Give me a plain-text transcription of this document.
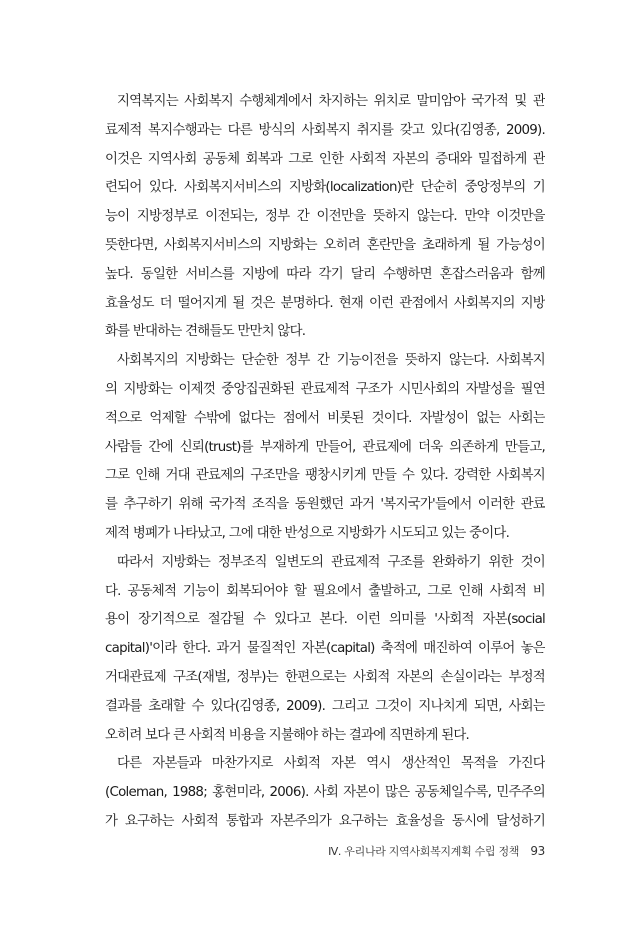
지역복지는 사회복지 수행체계에서 차지하는 위치로 말미암아 국가적 및 관
료제적 복지수행과는 다른 방식의 사회복지 취지를 갖고 있다(김영종, 2009).
이것은 지역사회 공동체 회복과 그로 인한 사회적 자본의 증대와 밀접하게 관
련되어 있다. 사회복지서비스의 지방화(localization)란 단순히 중앙정부의 기
능이 지방정부로 이전되는, 정부 간 이전만을 뜻하지 않는다. 만약 이것만을
뜻한다면, 사회복지서비스의 지방화는 오히려 혼란만을 초래하게 될 가능성이
높다. 동일한 서비스를 지방에 따라 각기 달리 수행하면 혼잡스러움과 함께
효율성도 더 떨어지게 될 것은 분명하다. 현재 이런 관점에서 사회복지의 지방
화를 반대하는 견해들도 만만치 않다.
사회복지의 지방화는 단순한 정부 간 기능이전을 뜻하지 않는다. 사회복지
의 지방화는 이제껏 중앙집권화된 관료제적 구조가 시민사회의 자발성을 필연
적으로 억제할 수밖에 없다는 점에서 비롯된 것이다. 자발성이 없는 사회는
사람들 간에 신뢰(trust)를 부재하게 만들어, 관료제에 더욱 의존하게 만들고,
그로 인해 거대 관료제의 구조만을 팽창시키게 만들 수 있다. 강력한 사회복지
를 추구하기 위해 국가적 조직을 동원했던 과거 '복지국가'들에서 이러한 관료
제적 병폐가 나타났고, 그에 대한 반성으로 지방화가 시도되고 있는 중이다.
따라서 지방화는 정부조직 일변도의 관료제적 구조를 완화하기 위한 것이
다. 공동체적 기능이 회복되어야 할 필요에서 출발하고, 그로 인해 사회적 비
용이 장기적으로 절감될 수 있다고 본다. 이런 의미를 '사회적 자본(social
capital)'이라 한다. 과거 물질적인 자본(capital) 축적에 매진하여 이루어 놓은
거대관료제 구조(재벌, 정부)는 한편으로는 사회적 자본의 손실이라는 부정적
결과를 초래할 수 있다(김영종, 2009). 그리고 그것이 지나치게 되면, 사회는
오히려 보다 큰 사회적 비용을 지불해야 하는 결과에 직면하게 된다.
다른 자본들과 마찬가지로 사회적 자본 역시 생산적인 목적을 가진다
(Coleman, 1988; 홍현미라, 2006). 사회 자본이 많은 공동체일수록, 민주주의
가 요구하는 사회적 통합과 자본주의가 요구하는 효율성을 동시에 달성하기
Ⅳ. 우리나라 지역사회복지계획 수립 정책 93
